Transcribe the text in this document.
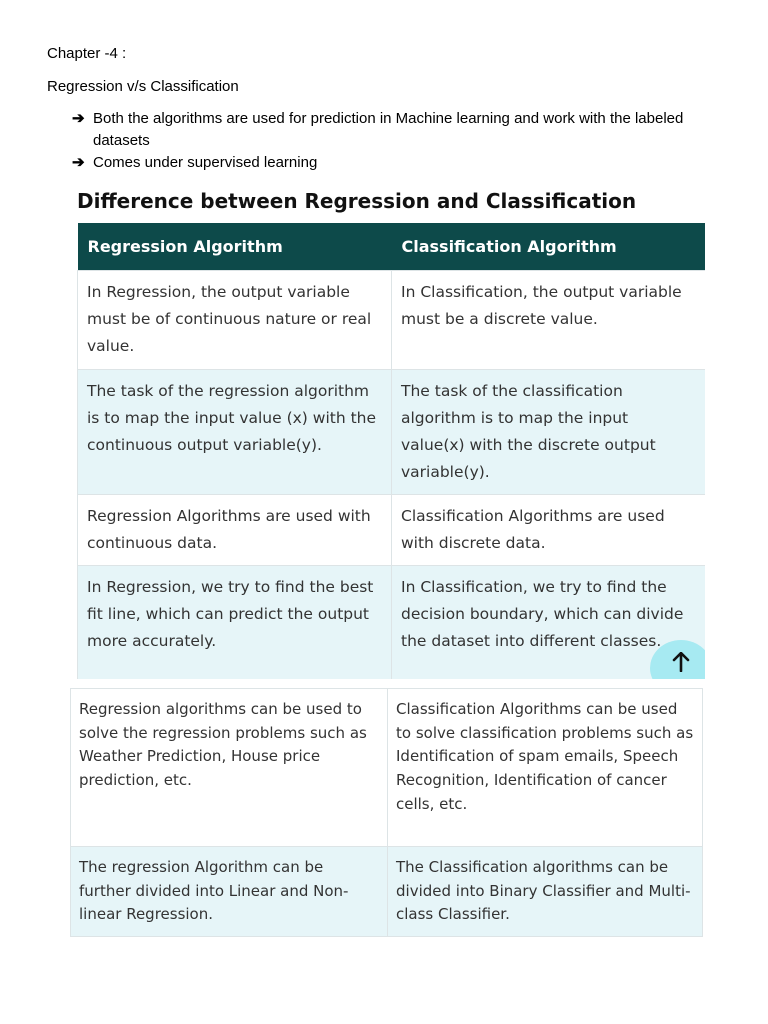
Chapter -4 :
Regression v/s Classification
➔ Both the algorithms are used for prediction in Machine learning and work with the labeled datasets
➔ Comes under supervised learning
Difference between Regression and Classification
Regression Algorithm	Classification Algorithm
In Regression, the output variable must be of continuous nature or real value.	In Classification, the output variable must be a discrete value.
The task of the regression algorithm is to map the input value (x) with the continuous output variable(y).	The task of the classification algorithm is to map the input value(x) with the discrete output variable(y).
Regression Algorithms are used with continuous data.	Classification Algorithms are used with discrete data.
In Regression, we try to find the best fit line, which can predict the output more accurately.	In Classification, we try to find the decision boundary, which can divide the dataset into different classes.
Regression algorithms can be used to solve the regression problems such as Weather Prediction, House price prediction, etc.	Classification Algorithms can be used to solve classification problems such as Identification of spam emails, Speech Recognition, Identification of cancer cells, etc.
The regression Algorithm can be further divided into Linear and Non-linear Regression.	The Classification algorithms can be divided into Binary Classifier and Multi-class Classifier.
